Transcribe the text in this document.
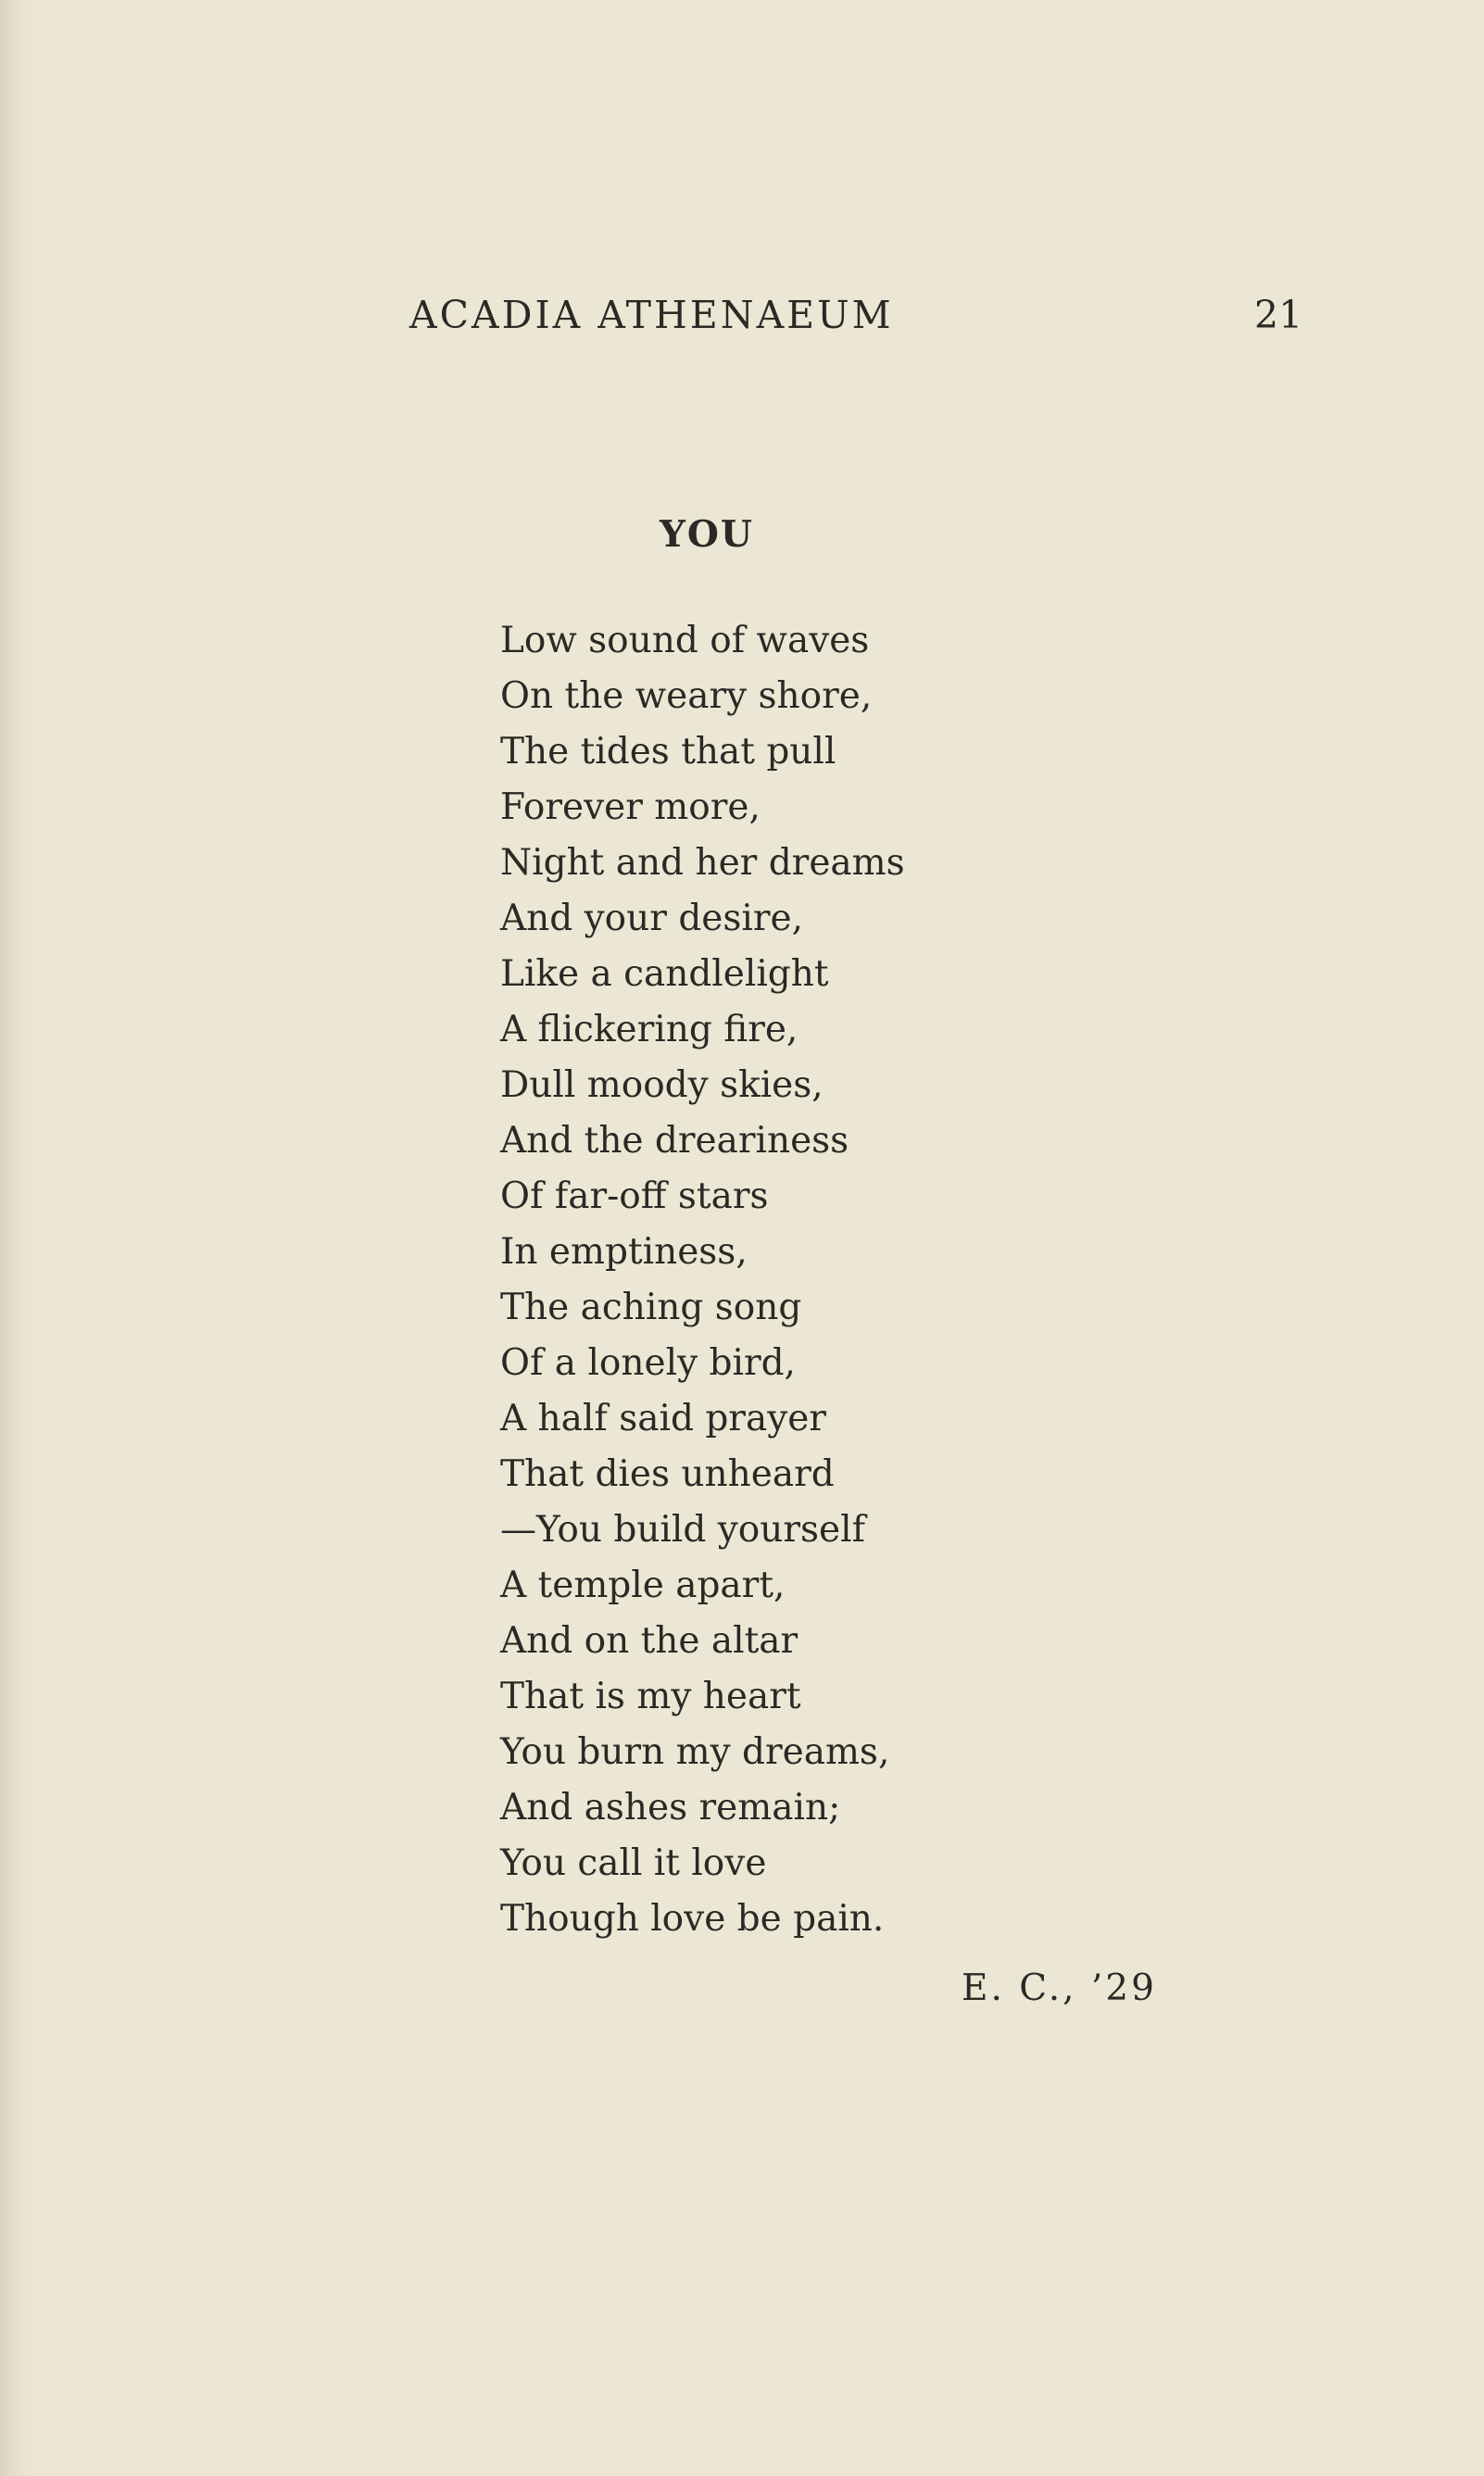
ACADIA ATHENAEUM	21
YOU
Low sound of waves
On the weary shore,
The tides that pull
Forever more,
Night and her dreams
And your desire,
Like a candlelight
A flickering fire,
Dull moody skies,
And the dreariness
Of far-off stars
In emptiness,
The aching song
Of a lonely bird,
A half said prayer
That dies unheard
—You build yourself
A temple apart,
And on the altar
That is my heart
You burn my dreams,
And ashes remain;
You call it love
Though love be pain.
E. C., ’29
